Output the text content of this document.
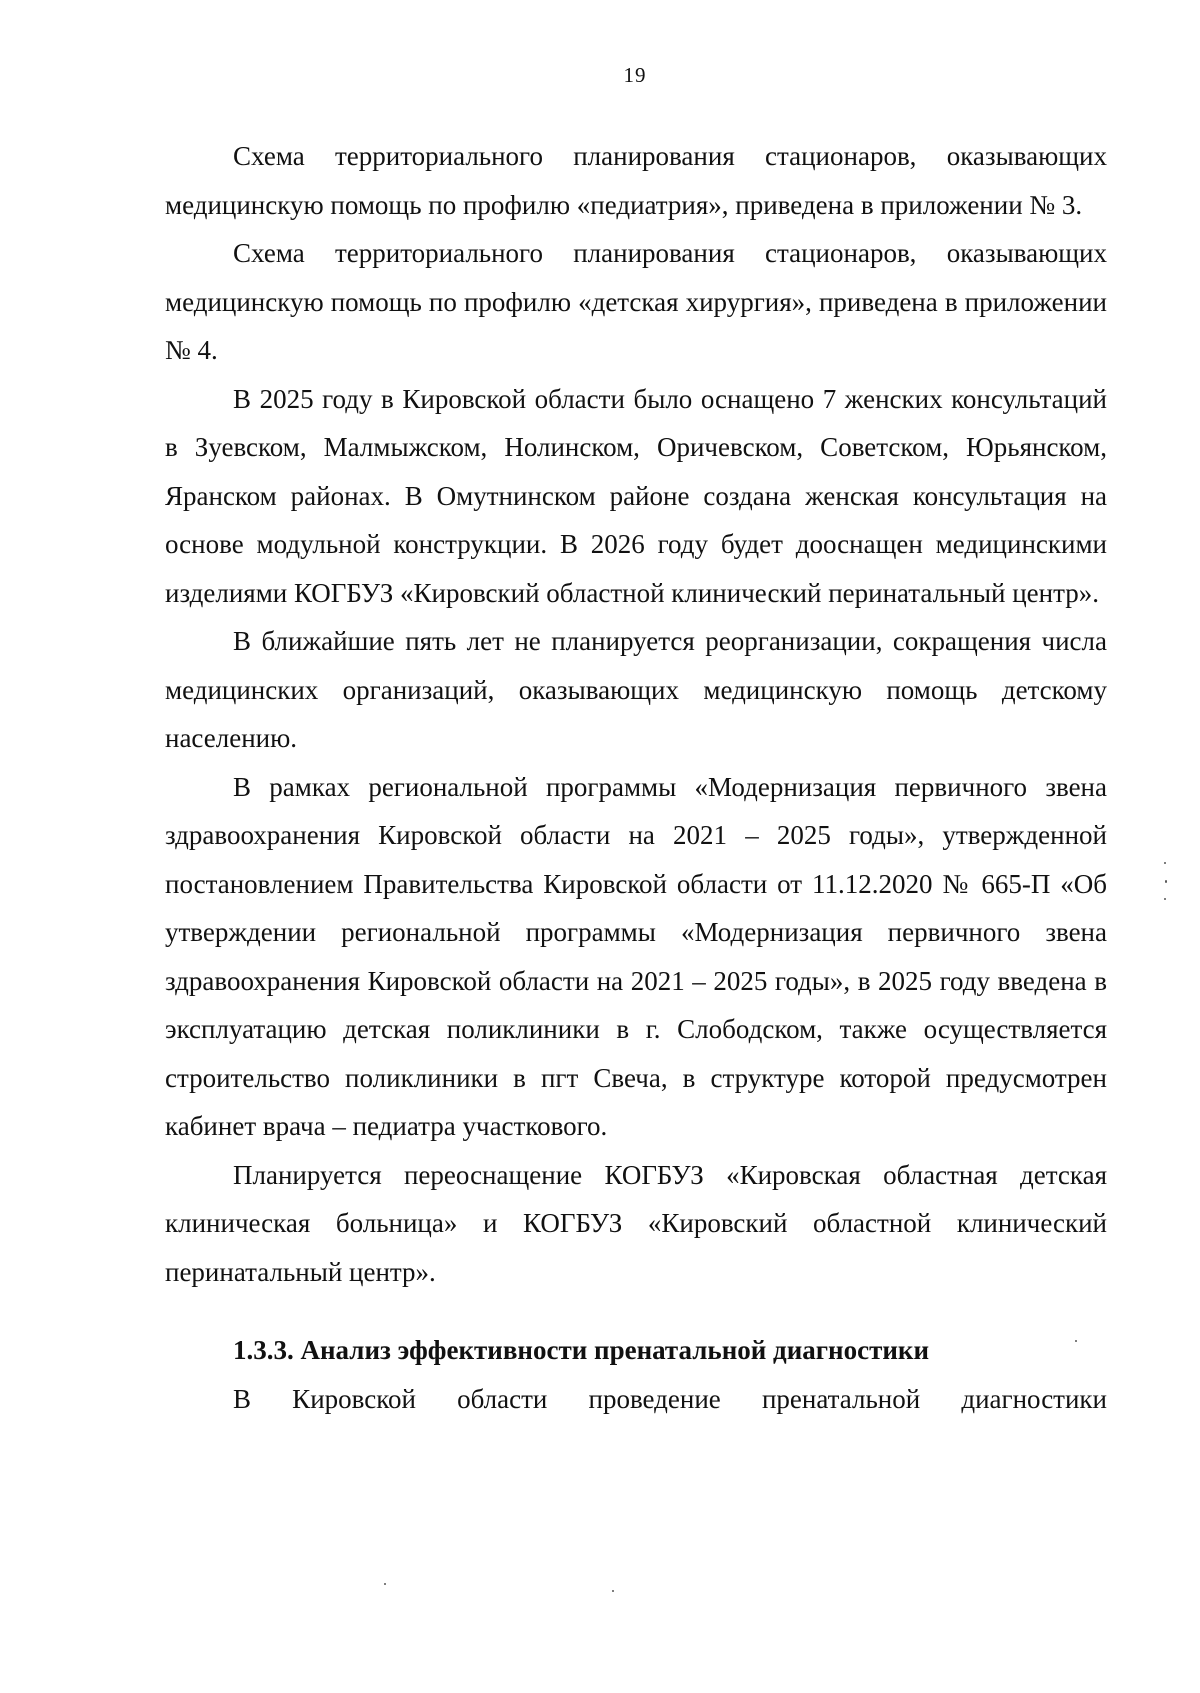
19

Схема территориального планирования стационаров, оказывающих медицинскую помощь по профилю «педиатрия», приведена в приложении № 3.

Схема территориального планирования стационаров, оказывающих медицинскую помощь по профилю «детская хирургия», приведена в приложении № 4.

В 2025 году в Кировской области было оснащено 7 женских консультаций в Зуевском, Малмыжском, Нолинском, Оричевском, Советском, Юрьянском, Яранском районах. В Омутнинском районе создана женская консультация на основе модульной конструкции. В 2026 году будет дооснащен медицинскими изделиями КОГБУЗ «Кировский областной клинический перинатальный центр».

В ближайшие пять лет не планируется реорганизации, сокращения числа медицинских организаций, оказывающих медицинскую помощь детскому населению.

В рамках региональной программы «Модернизация первичного звена здравоохранения Кировской области на 2021 – 2025 годы», утвержденной постановлением Правительства Кировской области от 11.12.2020 № 665-П «Об утверждении региональной программы «Модернизация первичного звена здравоохранения Кировской области на 2021 – 2025 годы», в 2025 году введена в эксплуатацию детская поликлиники в г. Слободском, также осуществляется строительство поликлиники в пгт Свеча, в структуре которой предусмотрен кабинет врача – педиатра участкового.

Планируется переоснащение КОГБУЗ «Кировская областная детская клиническая больница» и КОГБУЗ «Кировский областной клинический перинатальный центр».

1.3.3. Анализ эффективности пренатальной диагностики

В Кировской области проведение пренатальной диагностики
